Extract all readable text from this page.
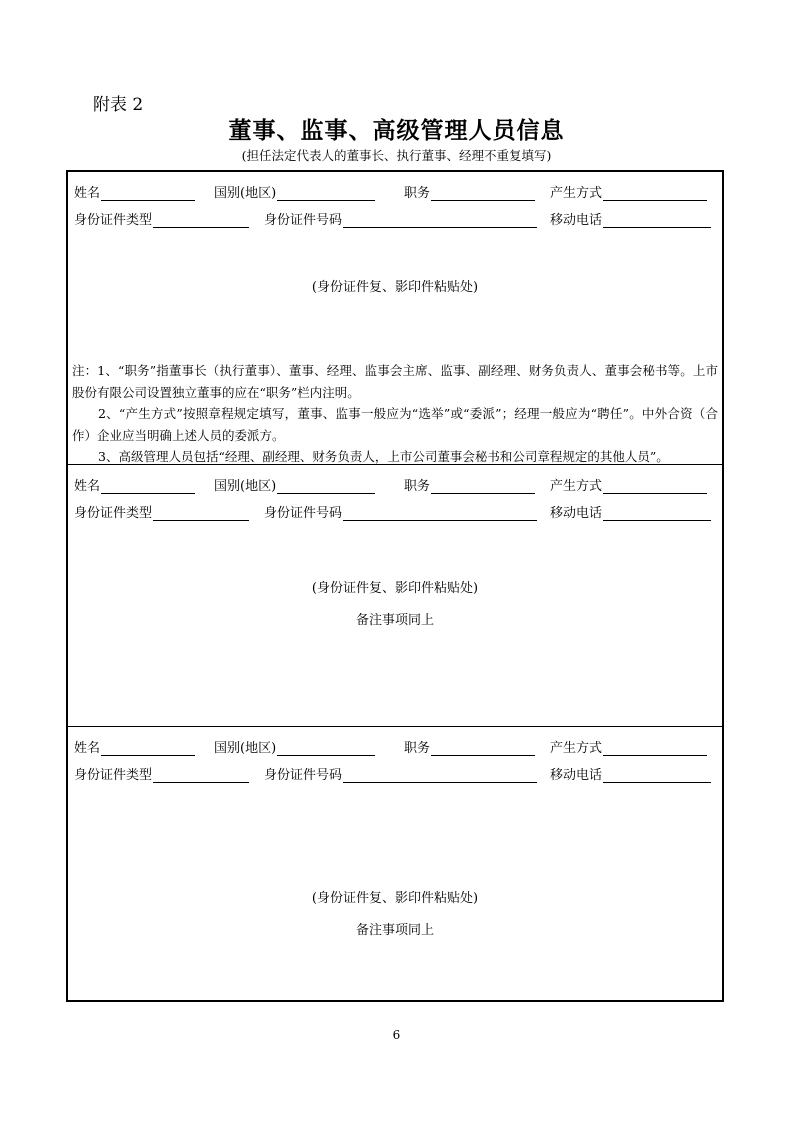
附表 2
董事、监事、高级管理人员信息
(担任法定代表人的董事长、执行董事、经理不重复填写)
姓名	国别(地区)	职务	产生方式
身份证件类型	身份证件号码	移动电话
(身份证件复、影印件粘贴处)

注：1、“职务”指董事长（执行董事）、董事、经理、监事会主席、监事、副经理、财务负责人、董事会秘书等。上市股份有限公司设置独立董事的应在“职务”栏内注明。

2、“产生方式”按照章程规定填写，董事、监事一般应为“选举”或“委派”；经理一般应为“聘任”。中外合资（合作）企业应当明确上述人员的委派方。

3、高级管理人员包括“经理、副经理、财务负责人，上市公司董事会秘书和公司章程规定的其他人员”。

姓名	国别(地区)	职务	产生方式
身份证件类型	身份证件号码	移动电话
(身份证件复、影印件粘贴处)
备注事项同上
姓名	国别(地区)	职务	产生方式
身份证件类型	身份证件号码	移动电话
(身份证件复、影印件粘贴处)
备注事项同上
6
